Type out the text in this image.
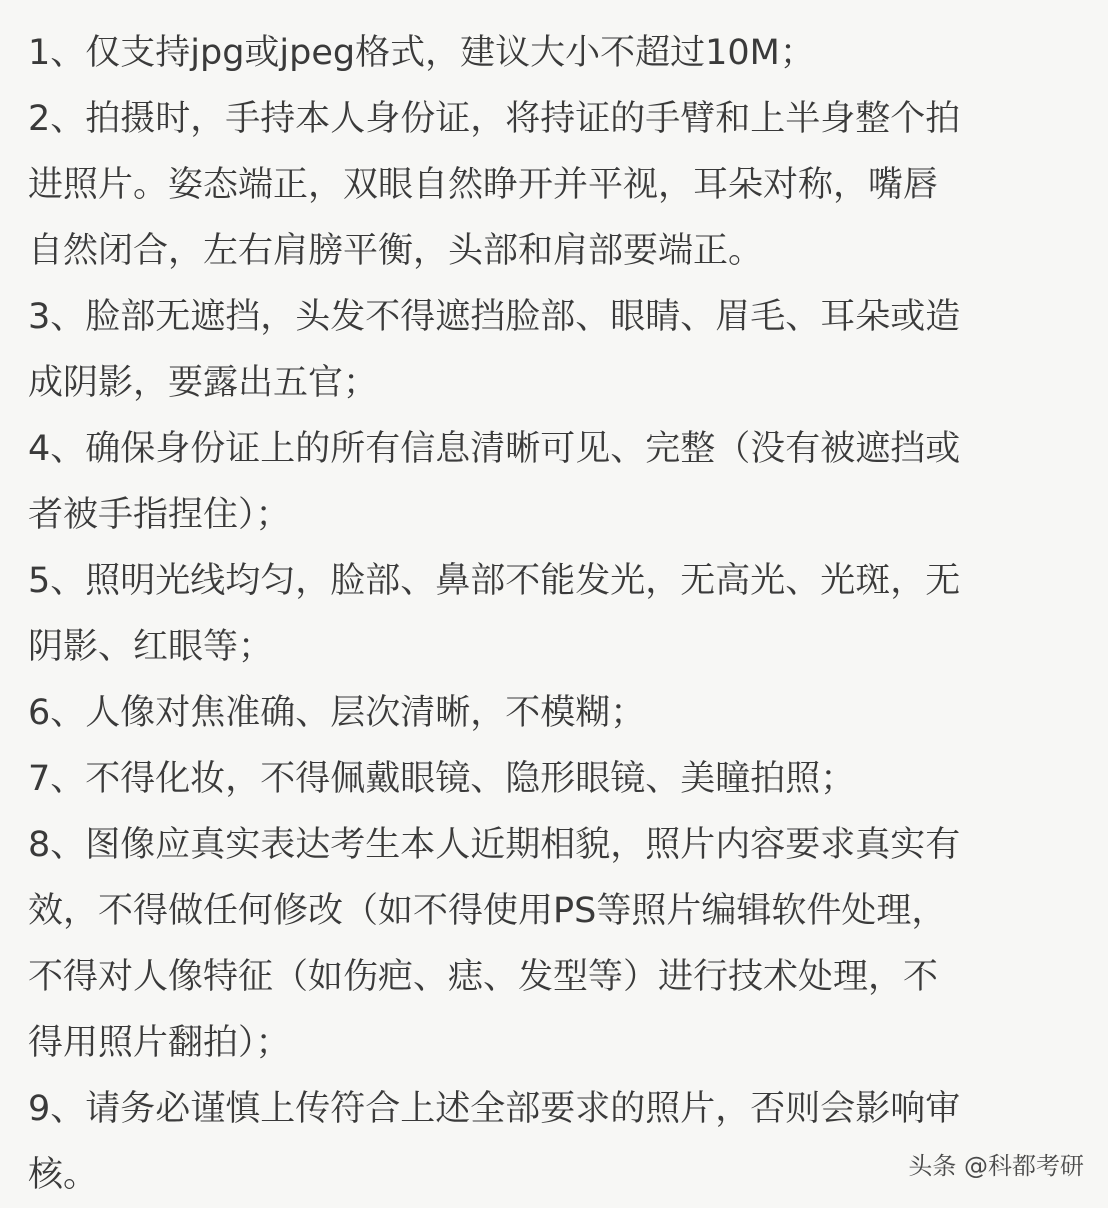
1、仅支持jpg或jpeg格式，建议大小不超过10M；
2、拍摄时，手持本人身份证，将持证的手臂和上半身整个拍
进照片。姿态端正，双眼自然睁开并平视，耳朵对称，嘴唇
自然闭合，左右肩膀平衡，头部和肩部要端正。
3、脸部无遮挡，头发不得遮挡脸部、眼睛、眉毛、耳朵或造
成阴影，要露出五官；
4、确保身份证上的所有信息清晰可见、完整（没有被遮挡或
者被手指捏住）；
5、照明光线均匀，脸部、鼻部不能发光，无高光、光斑，无
阴影、红眼等；
6、人像对焦准确、层次清晰，不模糊；
7、不得化妆，不得佩戴眼镜、隐形眼镜、美瞳拍照；
8、图像应真实表达考生本人近期相貌，照片内容要求真实有
效，不得做任何修改（如不得使用PS等照片编辑软件处理，
不得对人像特征（如伤疤、痣、发型等）进行技术处理，不
得用照片翻拍）；
9、请务必谨慎上传符合上述全部要求的照片，否则会影响审
核。	头条 @科都考研
